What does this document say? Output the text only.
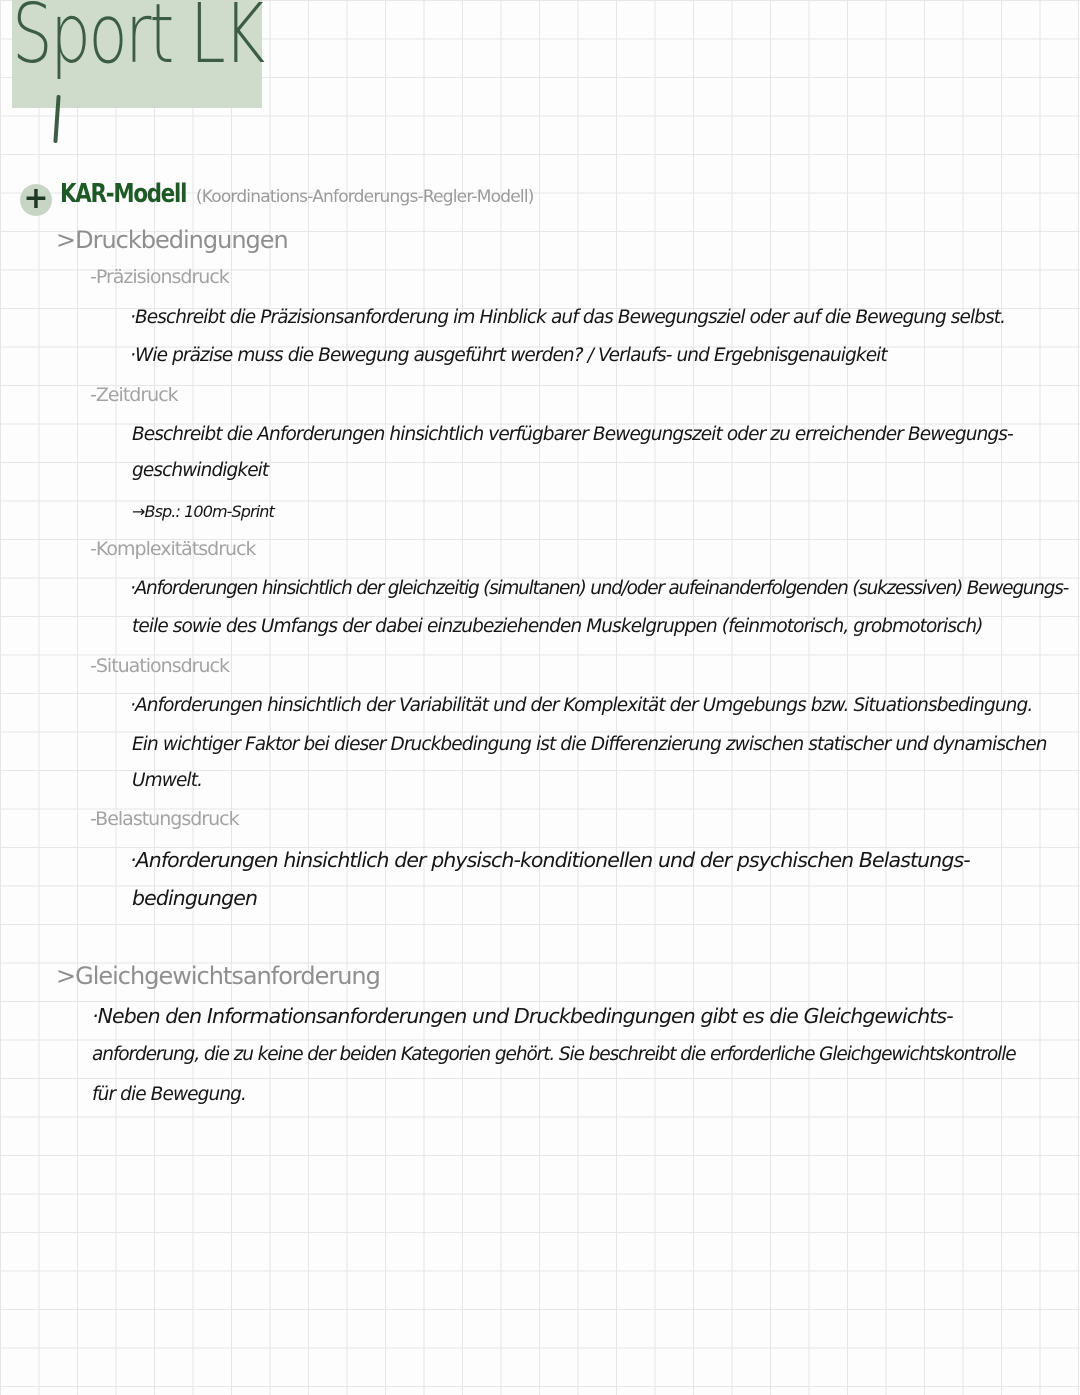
Sport LK
+ KAR-Modell (Koordinations-Anforderungs-Regler-Modell)
>Druckbedingungen
-Präzisionsdruck
·Beschreibt die Präzisionsanforderung im Hinblick auf das Bewegungsziel oder auf die Bewegung selbst.
·Wie präzise muss die Bewegung ausgeführt werden? / Verlaufs- und Ergebnisgenauigkeit
-Zeitdruck
Beschreibt die Anforderungen hinsichtlich verfügbarer Bewegungszeit oder zu erreichender Bewegungs-
geschwindigkeit
→Bsp.: 100m-Sprint
-Komplexitätsdruck
·Anforderungen hinsichtlich der gleichzeitig (simultanen) und/oder aufeinanderfolgenden (sukzessiven) Bewegungs-
teile sowie des Umfangs der dabei einzubeziehenden Muskelgruppen (feinmotorisch, grobmotorisch)
-Situationsdruck
·Anforderungen hinsichtlich der Variabilität und der Komplexität der Umgebungs bzw. Situationsbedingung.
Ein wichtiger Faktor bei dieser Druckbedingung ist die Differenzierung zwischen statischer und dynamischen
Umwelt.
-Belastungsdruck
·Anforderungen hinsichtlich der physisch-konditionellen und der psychischen Belastungs-
bedingungen
>Gleichgewichtsanforderung
·Neben den Informationsanforderungen und Druckbedingungen gibt es die Gleichgewichts-
anforderung, die zu keine der beiden Kategorien gehört. Sie beschreibt die erforderliche Gleichgewichtskontrolle
für die Bewegung.
